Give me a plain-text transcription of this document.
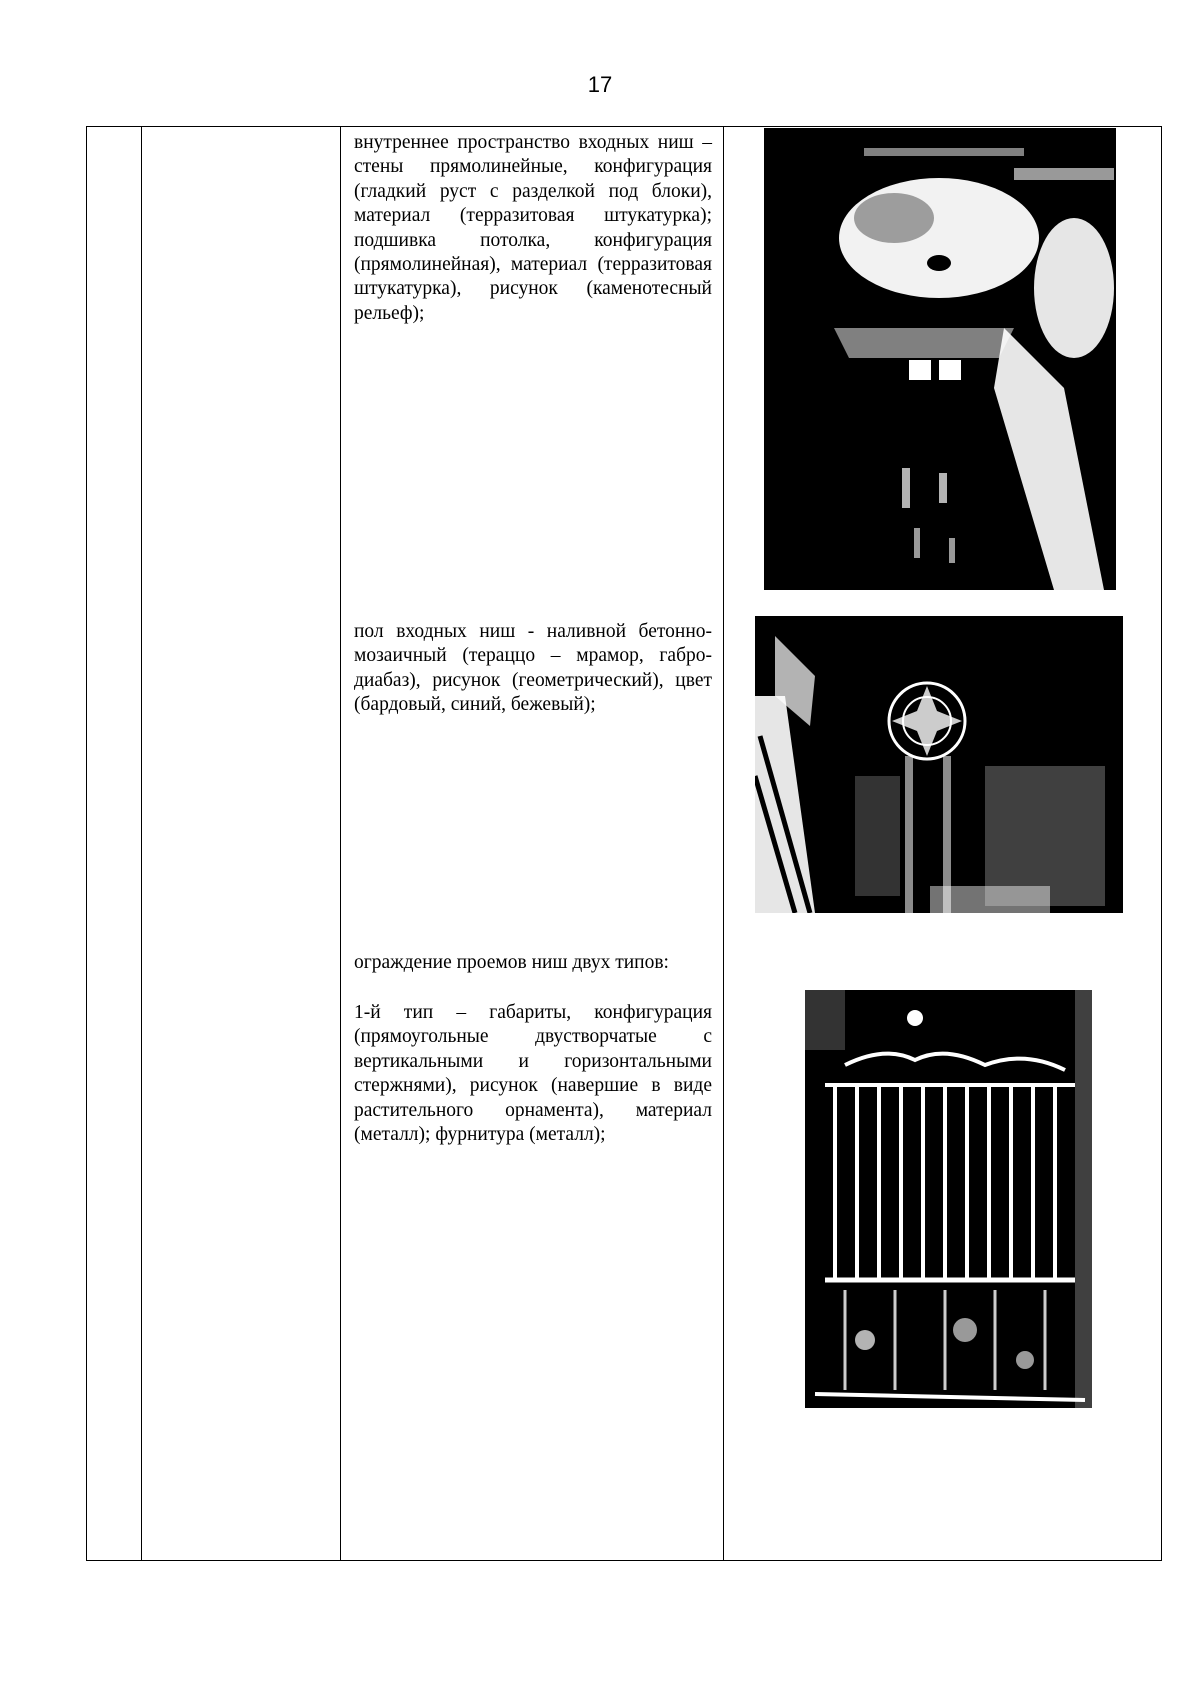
17
внутреннее пространство входных ниш – стены прямолинейные, конфигурация (гладкий руст с разделкой под блоки), материал (терразитовая штукатурка); подшивка потолка, конфигурация (прямолинейная), материал (терразитовая штукатурка), рисунок (каменотесный рельеф);
пол входных ниш - наливной бетонно-мозаичный (тераццо – мрамор, габро-диабаз), рисунок (геометрический), цвет (бардовый, синий, бежевый);
ограждение проемов ниш двух типов:
1-й тип – габариты, конфигурация (прямоугольные двустворчатые с вертикальными и горизонтальными стержнями), рисунок (навершие в виде растительного орнамента), материал (металл); фурнитура (металл);
